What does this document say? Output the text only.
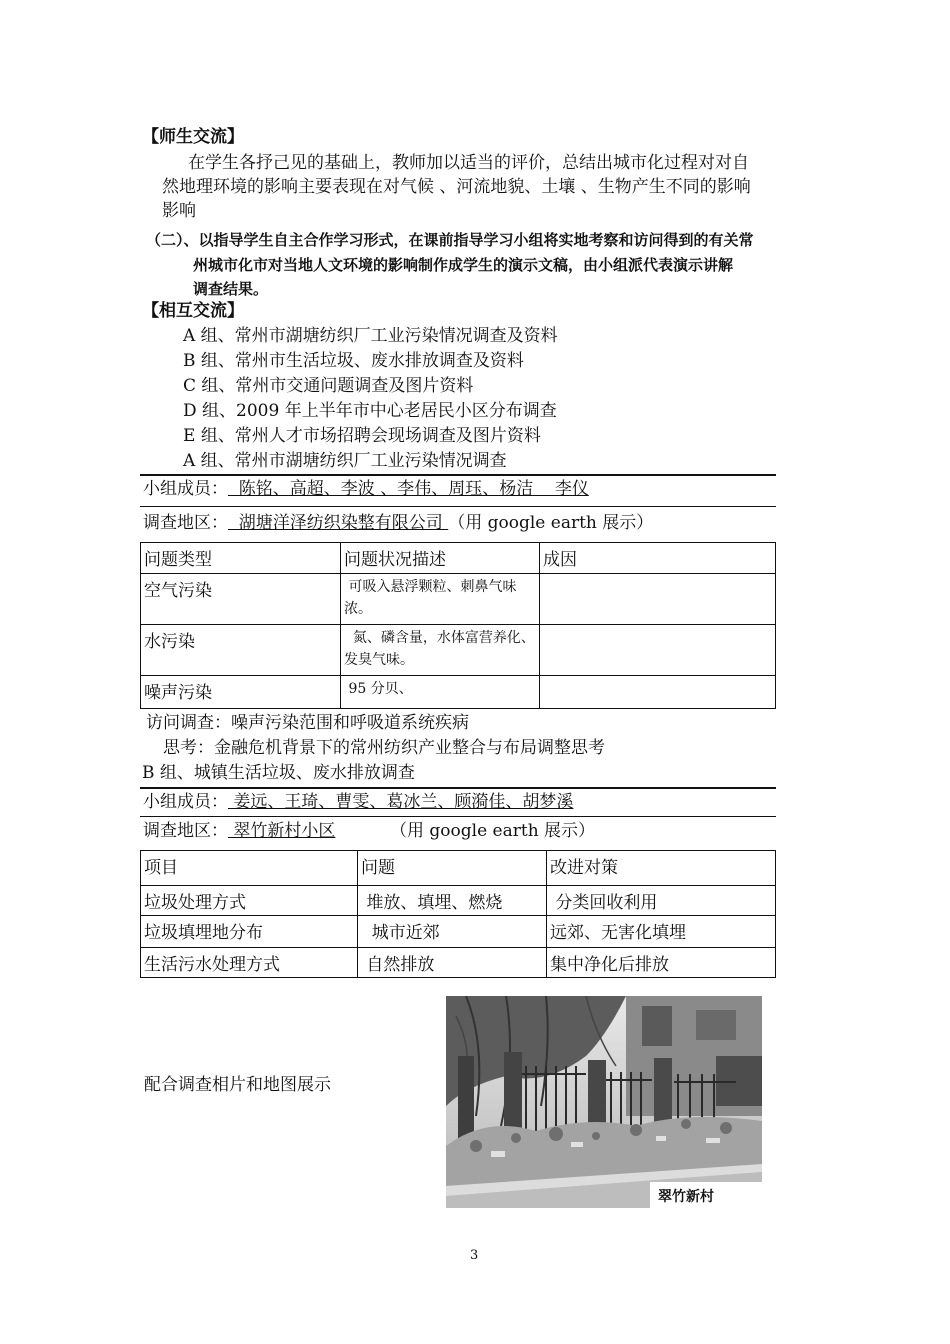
【师生交流】
在学生各抒己见的基础上，教师加以适当的评价，总结出城市化过程对对自
然地理环境的影响主要表现在对气候 、河流地貌、土壤 、生物产生不同的影响
影响
（二）、以指导学生自主合作学习形式，在课前指导学习小组将实地考察和访问得到的有关常
州城市化市对当地人文环境的影响制作成学生的演示文稿，由小组派代表演示讲解
调查结果。
【相互交流】
A 组、常州市湖塘纺织厂工业污染情况调查及资料
B 组、常州市生活垃圾、废水排放调查及资料
C 组、常州市交通问题调查及图片资料
D 组、2009 年上半年市中心老居民小区分布调查
E 组、常州人才市场招聘会现场调查及图片资料
A 组、常州市湖塘纺织厂工业污染情况调查
小组成员：  陈铭、高超、李波 、李伟、周珏、杨洁    李仪
调查地区：  湖塘洋泽纺织染整有限公司 （用 google earth 展示）
问题类型	问题状况描述	成因
空气污染	可吸入悬浮颗粒、刺鼻气味浓。	
水污染	氮、磷含量，水体富营养化、发臭气味。	
噪声污染	95 分贝、	
访问调查：噪声污染范围和呼吸道系统疾病
思考：金融危机背景下的常州纺织产业整合与布局调整思考
B 组、城镇生活垃圾、废水排放调查
小组成员： 姜远、王琦、曹雯、葛冰兰、顾漪佳、胡梦溪
调查地区： 翠竹新村小区	（用 google earth 展示）
项目	问题	改进对策
垃圾处理方式	堆放、填埋、燃烧	分类回收利用
垃圾填埋地分布	城市近郊	远郊、无害化填埋
生活污水处理方式	自然排放	集中净化后排放
配合调查相片和地图展示
翠竹新村
3
